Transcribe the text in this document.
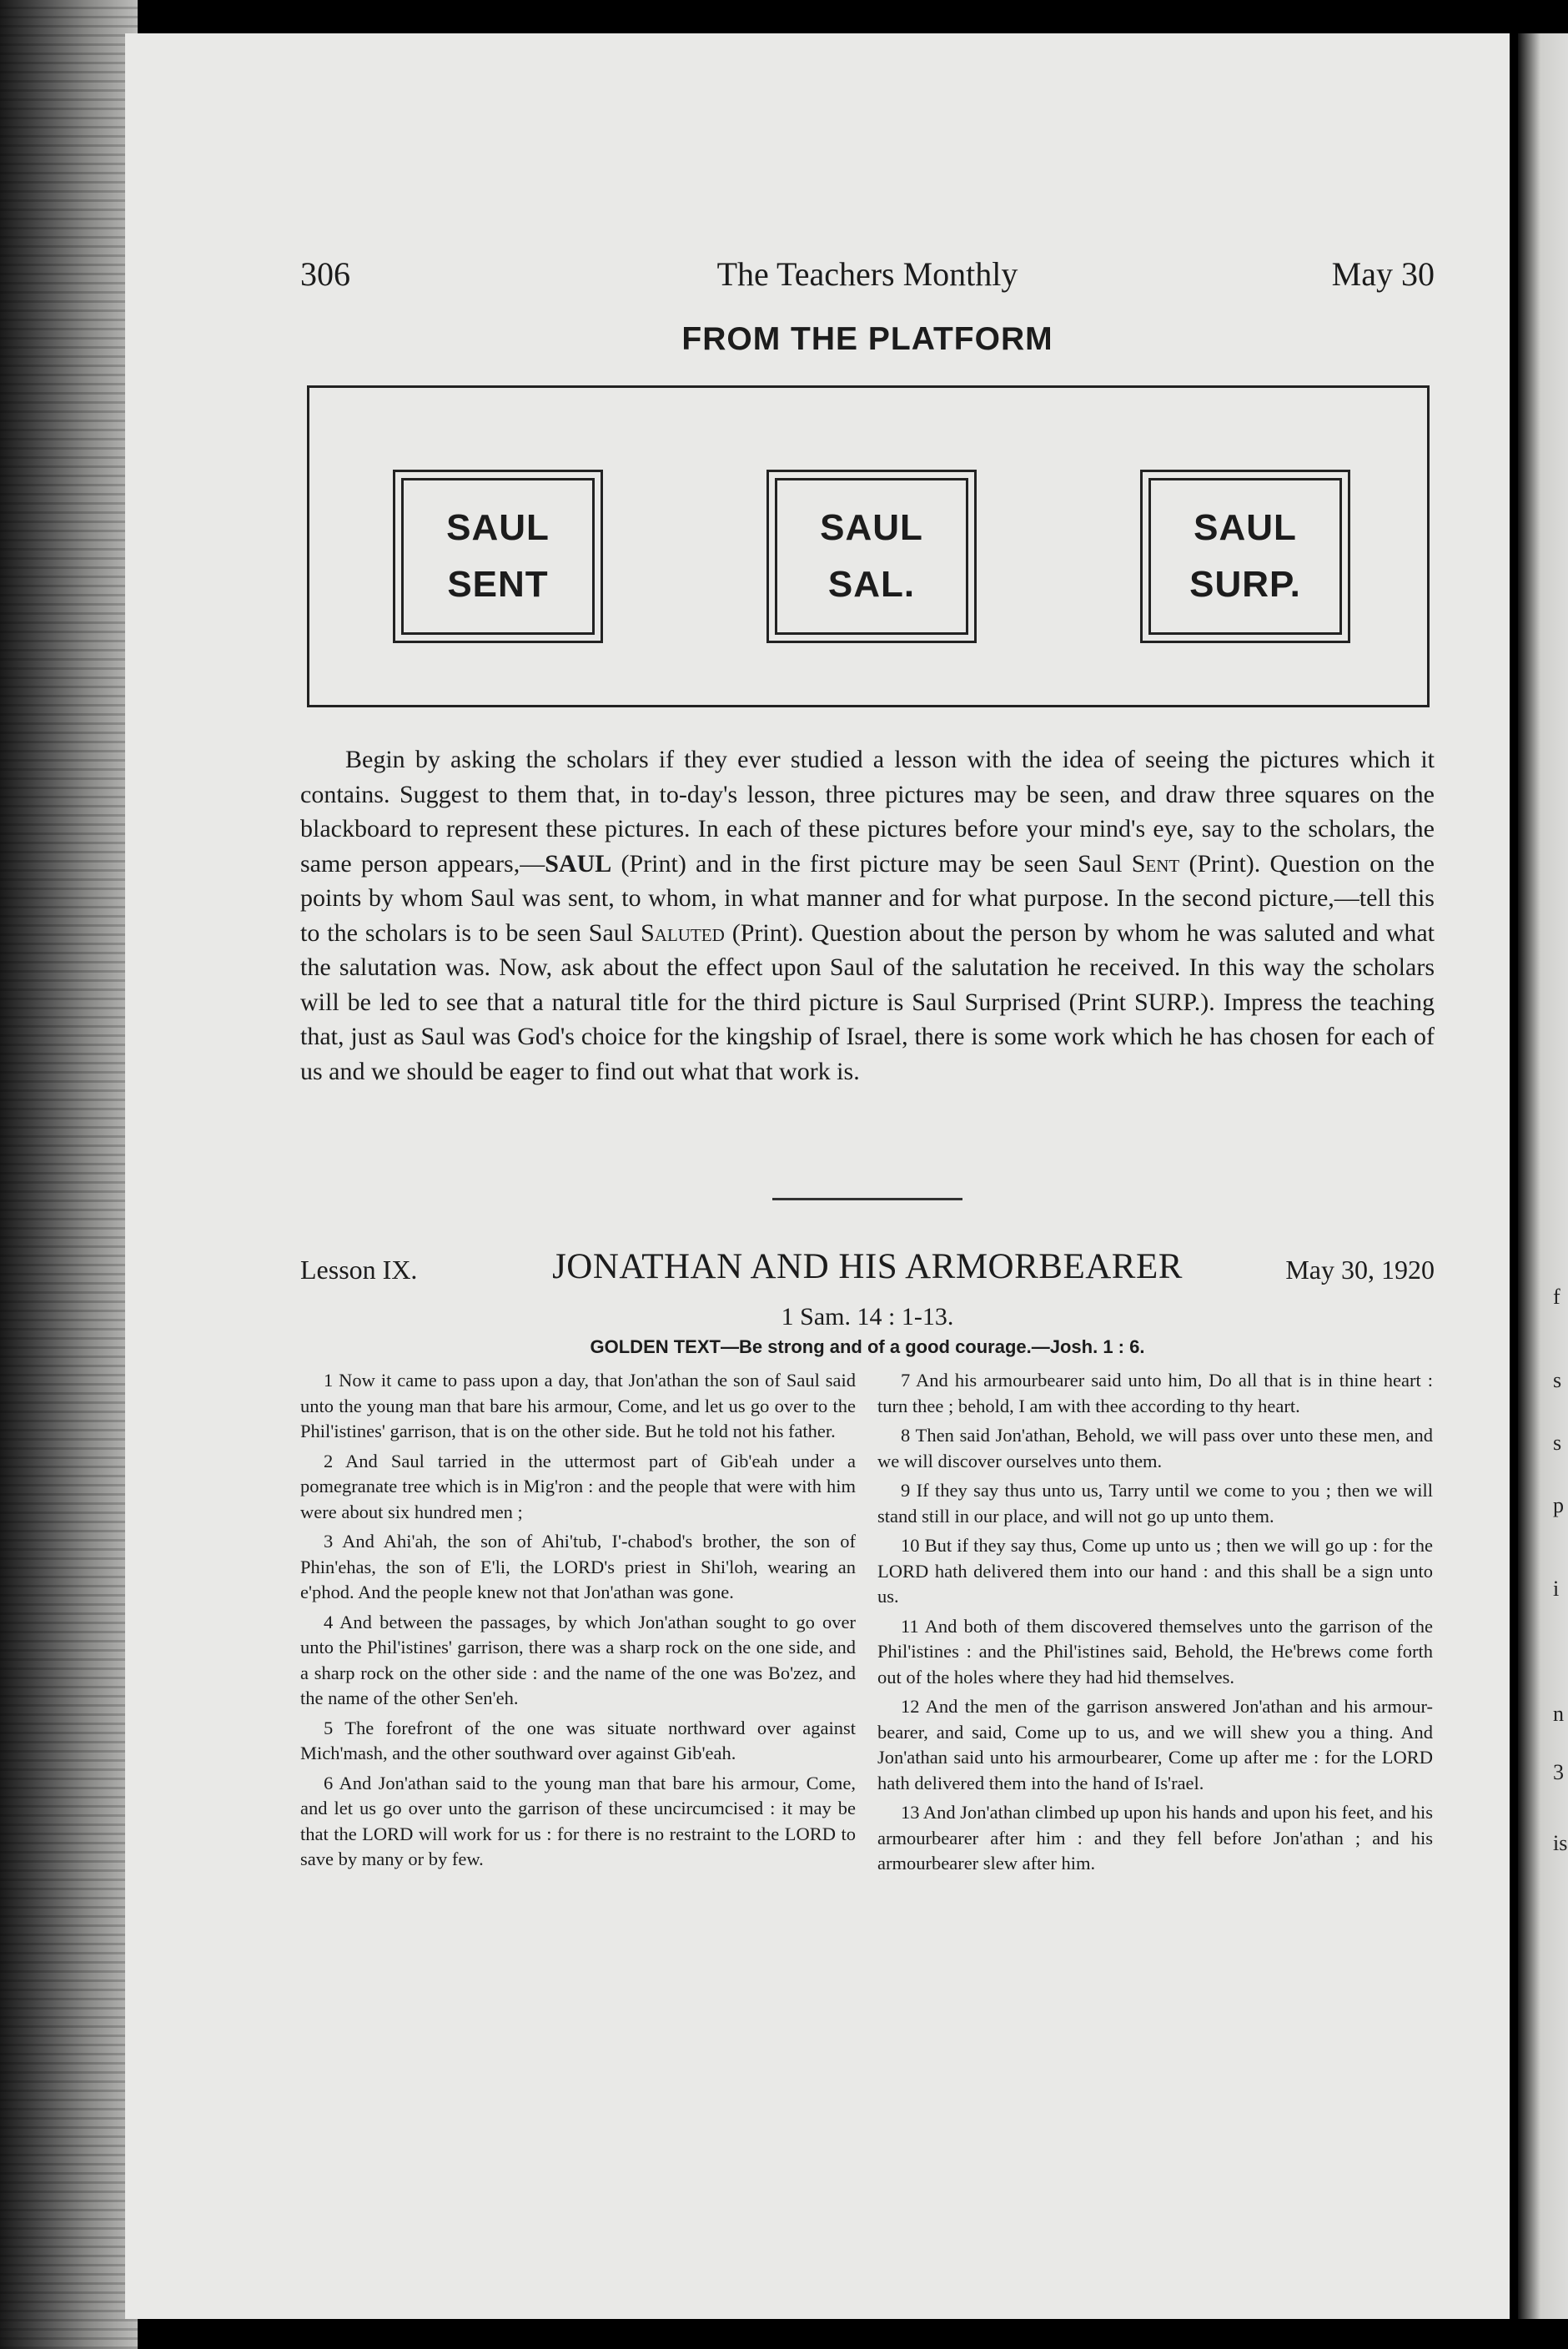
f
s
s
p
i
n
3
is
306	The Teachers Monthly	May 30
FROM THE PLATFORM
SAUL
SENT
SAUL
SAL.
SAUL
SURP.

Begin by asking the scholars if they ever studied a lesson with the idea of seeing the pictures which it contains. Suggest to them that, in to-day's lesson, three pictures may be seen, and draw three squares on the blackboard to represent these pictures. In each of these pictures before your mind's eye, say to the scholars, the same person appears,—SAUL (Print) and in the first picture may be seen Saul Sent (Print). Question on the points by whom Saul was sent, to whom, in what manner and for what purpose. In the second picture,—tell this to the scholars is to be seen Saul Saluted (Print). Question about the person by whom he was saluted and what the salutation was. Now, ask about the effect upon Saul of the salutation he received. In this way the scholars will be led to see that a natural title for the third picture is Saul Surprised (Print SURP.). Impress the teaching that, just as Saul was God's choice for the kingship of Israel, there is some work which he has chosen for each of us and we should be eager to find out what that work is.

Lesson IX.	JONATHAN AND HIS ARMORBEARER	May 30, 1920
1 Sam. 14 : 1-13.
GOLDEN TEXT—Be strong and of a good courage.—Josh. 1 : 6.

1 Now it came to pass upon a day, that Jon'athan the son of Saul said unto the young man that bare his armour, Come, and let us go over to the Phil'istines' garrison, that is on the other side. But he told not his father.

2 And Saul tarried in the uttermost part of Gib'eah under a pomegranate tree which is in Mig'ron : and the people that were with him were about six hundred men ;

3 And Ahi'ah, the son of Ahi'tub, I'-chabod's brother, the son of Phin'ehas, the son of E'li, the LORD's priest in Shi'loh, wearing an e'phod. And the people knew not that Jon'athan was gone.

4 And between the passages, by which Jon'athan sought to go over unto the Phil'istines' garrison, there was a sharp rock on the one side, and a sharp rock on the other side : and the name of the one was Bo'zez, and the name of the other Sen'eh.

5 The forefront of the one was situate northward over against Mich'mash, and the other southward over against Gib'eah.

6 And Jon'athan said to the young man that bare his armour, Come, and let us go over unto the garrison of these uncircumcised : it may be that the LORD will work for us : for there is no restraint to the LORD to save by many or by few.

7 And his armourbearer said unto him, Do all that is in thine heart : turn thee ; behold, I am with thee according to thy heart.

8 Then said Jon'athan, Behold, we will pass over unto these men, and we will discover ourselves unto them.

9 If they say thus unto us, Tarry until we come to you ; then we will stand still in our place, and will not go up unto them.

10 But if they say thus, Come up unto us ; then we will go up : for the LORD hath delivered them into our hand : and this shall be a sign unto us.

11 And both of them discovered themselves unto the garrison of the Phil'istines : and the Phil'istines said, Behold, the He'brews come forth out of the holes where they had hid themselves.

12 And the men of the garrison answered Jon'athan and his armour-bearer, and said, Come up to us, and we will shew you a thing. And Jon'athan said unto his armourbearer, Come up after me : for the LORD hath delivered them into the hand of Is'rael.

13 And Jon'athan climbed up upon his hands and upon his feet, and his armourbearer after him : and they fell before Jon'athan ; and his armourbearer slew after him.
